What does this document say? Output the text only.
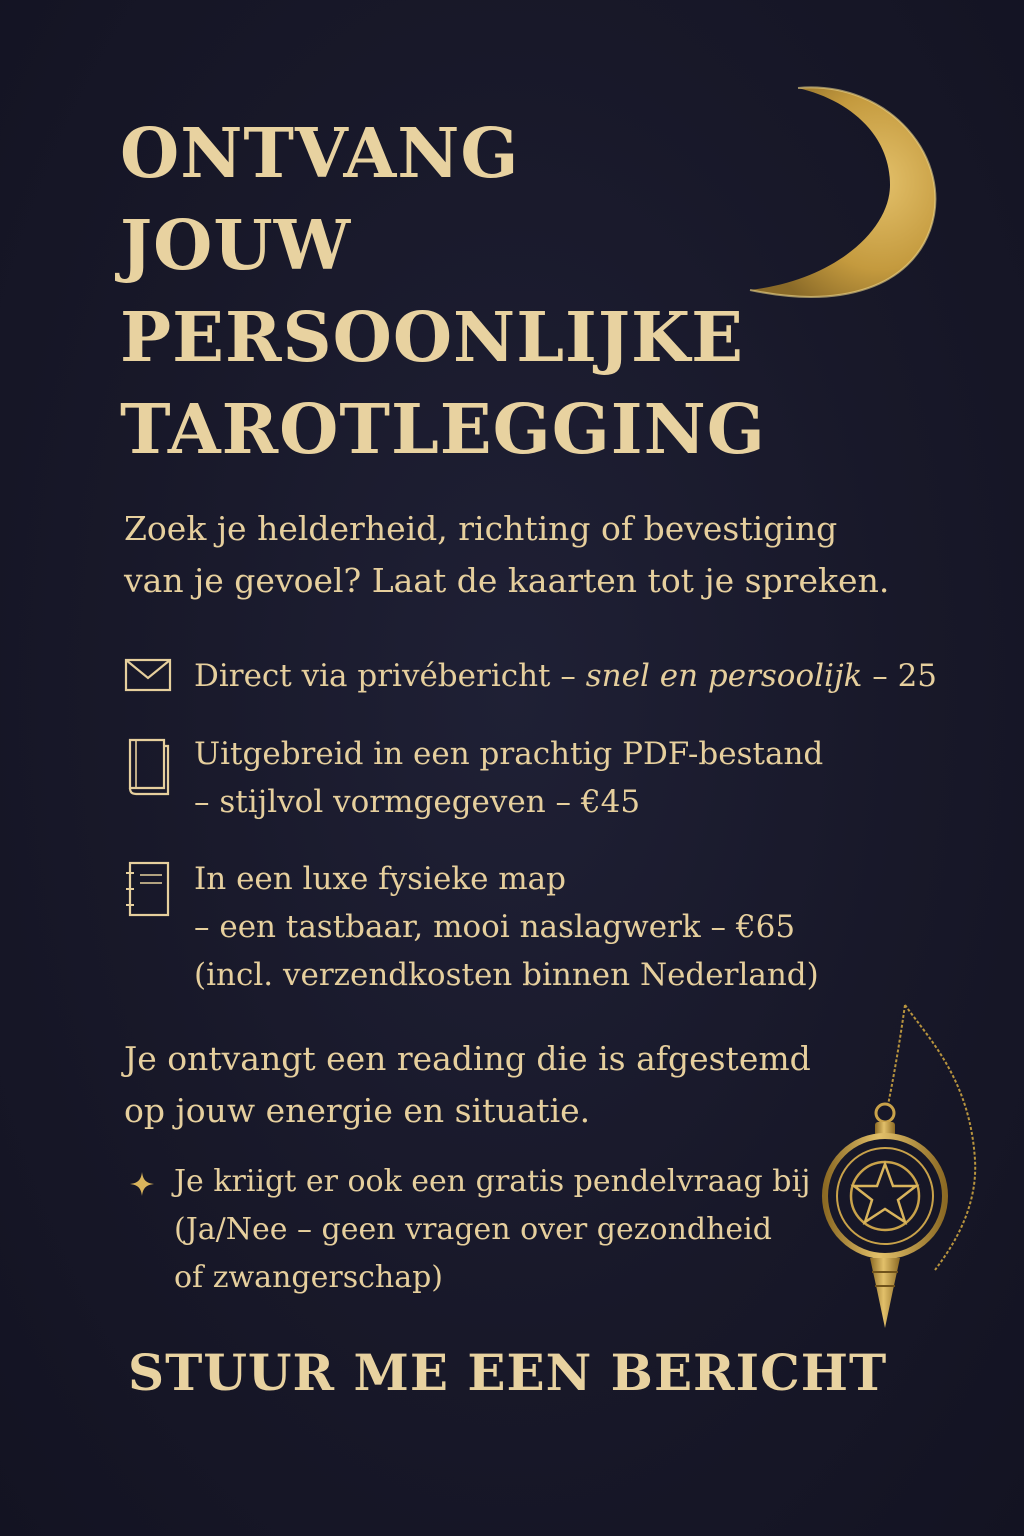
ONTVANG
JOUW
PERSOONLIJKE
TAROTLEGGING

Zoek je helderheid, richting of bevestiging
van je gevoel? Laat de kaarten tot je spreken.

Direct via privébericht – snel en persoolijk – 25
Uitgebreid in een prachtig PDF-bestand
– stijlvol vormgegeven – €45
In een luxe fysieke map
– een tastbaar, mooi naslagwerk – €65
(incl. verzendkosten binnen Nederland)

Je ontvangt een reading die is afgestemd
op jouw energie en situatie.

Je kriigt er ook een gratis pendelvraag bij
(Ja/Nee – geen vragen over gezondheid
of zwangerschap)
STUUR ME EEN BERICHT
